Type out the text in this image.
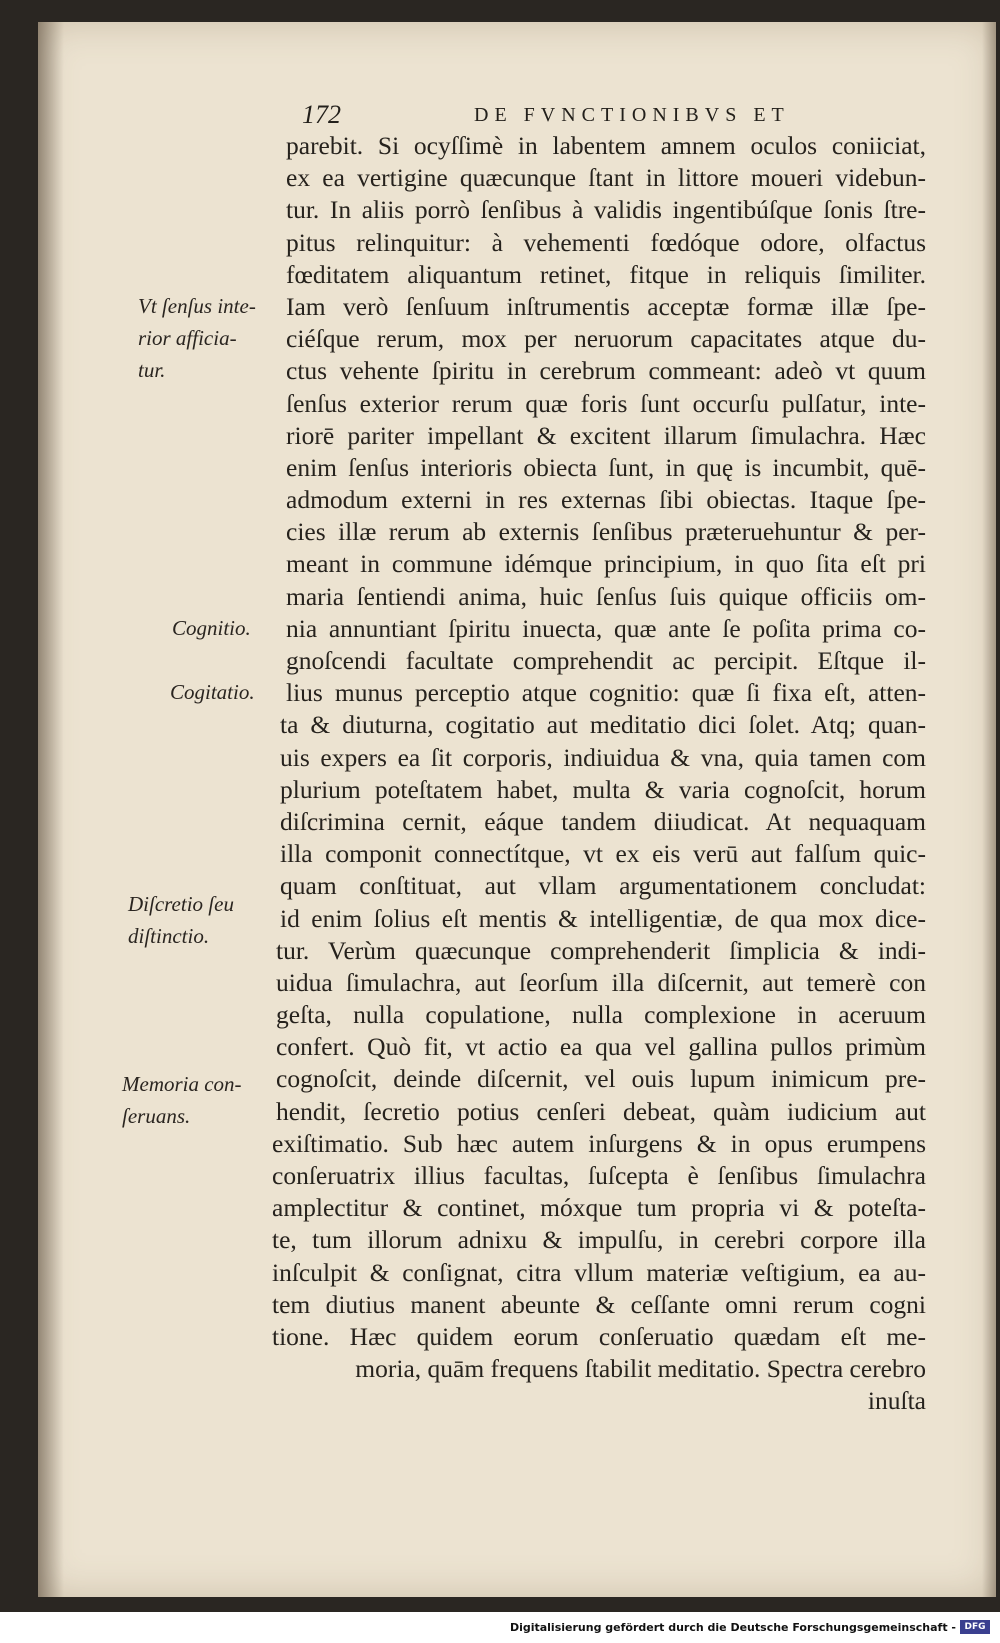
172	DE FVNCTIONIBVS ET
parebit. Si ocyſſimè in labentem amnem oculos coniiciat,
ex ea vertigine quæcunque ſtant in littore moueri videbun-
tur. In aliis porrò ſenſibus à validis ingentibúſque ſonis ſtre-
pitus relinquitur: à vehementi fœdóque odore, olfactus
fœditatem aliquantum retinet, fitque in reliquis ſimiliter.
Iam verò ſenſuum inſtrumentis acceptæ formæ illæ ſpe-
ciéſque rerum, mox per neruorum capacitates atque du-
ctus vehente ſpiritu in cerebrum commeant: adeò vt quum
ſenſus exterior rerum quæ foris ſunt occurſu pulſatur, inte-
riorē pariter impellant & excitent illarum ſimulachra. Hæc
enim ſenſus interioris obiecta ſunt, in quę is incumbit, quē-
admodum externi in res externas ſibi obiectas. Itaque ſpe-
cies illæ rerum ab externis ſenſibus præteruehuntur & per-
meant in commune idémque principium, in quo ſita eſt pri
maria ſentiendi anima, huic ſenſus ſuis quique officiis om-
nia annuntiant ſpiritu inuecta, quæ ante ſe poſita prima co-
gnoſcendi facultate comprehendit ac percipit. Eſtque il-
lius munus perceptio atque cognitio: quæ ſi fixa eſt, atten-
ta & diuturna, cogitatio aut meditatio dici ſolet. Atq; quan-
uis expers ea ſit corporis, indiuidua & vna, quia tamen com
plurium poteſtatem habet, multa & varia cognoſcit, horum
diſcrimina cernit, eáque tandem diiudicat. At nequaquam
illa componit connectítque, vt ex eis verū aut falſum quic-
quam conſtituat, aut vllam argumentationem concludat:
id enim ſolius eſt mentis & intelligentiæ, de qua mox dice-
tur. Verùm quæcunque comprehenderit ſimplicia & indi-
uidua ſimulachra, aut ſeorſum illa diſcernit, aut temerè con
geſta, nulla copulatione, nulla complexione in aceruum
confert. Quò fit, vt actio ea qua vel gallina pullos primùm
cognoſcit, deinde diſcernit, vel ouis lupum inimicum pre-
hendit, ſecretio potius cenſeri debeat, quàm iudicium aut
exiſtimatio. Sub hæc autem inſurgens & in opus erumpens
conſeruatrix illius facultas, ſuſcepta è ſenſibus ſimulachra
amplectitur & continet, móxque tum propria vi & poteſta-
te, tum illorum adnixu & impulſu, in cerebri corpore illa
inſculpit & conſignat, citra vllum materiæ veſtigium, ea au-
tem diutius manent abeunte & ceſſante omni rerum cogni
tione. Hæc quidem eorum conſeruatio quædam eſt me-
moria, quām frequens ſtabilit meditatio. Spectra cerebro
inuſta
Vt ſenſus inte-
rior afficia-
tur.
Cognitio.
Cogitatio.
Diſcretio ſeu
diſtinctio.
Memoria con-
ſeruans.
Digitalisierung gefördert durch die Deutsche Forschungsgemeinschaft - DFG
